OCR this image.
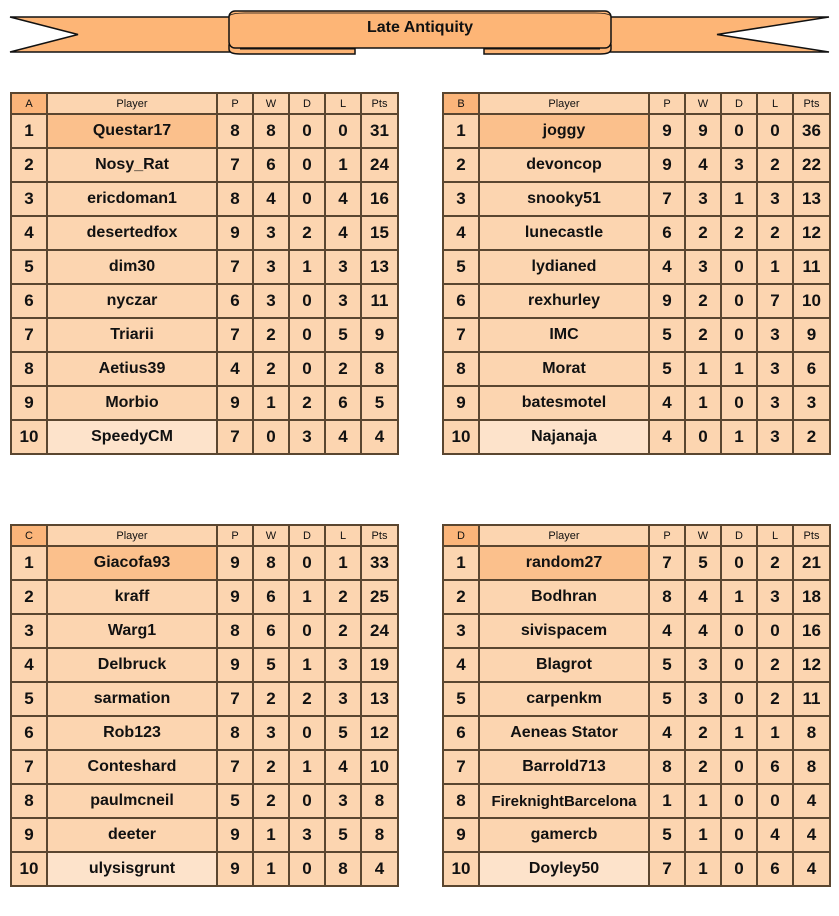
Late Antiquity
A	Player	P	W	D	L	Pts
1	Questar17	8	8	0	0	31
2	Nosy_Rat	7	6	0	1	24
3	ericdoman1	8	4	0	4	16
4	desertedfox	9	3	2	4	15
5	dim30	7	3	1	3	13
6	nyczar	6	3	0	3	11
7	Triarii	7	2	0	5	9
8	Aetius39	4	2	0	2	8
9	Morbio	9	1	2	6	5
10	SpeedyCM	7	0	3	4	4
B	Player	P	W	D	L	Pts
1	joggy	9	9	0	0	36
2	devoncop	9	4	3	2	22
3	snooky51	7	3	1	3	13
4	lunecastle	6	2	2	2	12
5	lydianed	4	3	0	1	11
6	rexhurley	9	2	0	7	10
7	IMC	5	2	0	3	9
8	Morat	5	1	1	3	6
9	batesmotel	4	1	0	3	3
10	Najanaja	4	0	1	3	2
C	Player	P	W	D	L	Pts
1	Giacofa93	9	8	0	1	33
2	kraff	9	6	1	2	25
3	Warg1	8	6	0	2	24
4	Delbruck	9	5	1	3	19
5	sarmation	7	2	2	3	13
6	Rob123	8	3	0	5	12
7	Conteshard	7	2	1	4	10
8	paulmcneil	5	2	0	3	8
9	deeter	9	1	3	5	8
10	ulysisgrunt	9	1	0	8	4
D	Player	P	W	D	L	Pts
1	random27	7	5	0	2	21
2	Bodhran	8	4	1	3	18
3	sivispacem	4	4	0	0	16
4	Blagrot	5	3	0	2	12
5	carpenkm	5	3	0	2	11
6	Aeneas Stator	4	2	1	1	8
7	Barrold713	8	2	0	6	8
8	FireknightBarcelona	1	1	0	0	4
9	gamercb	5	1	0	4	4
10	Doyley50	7	1	0	6	4
